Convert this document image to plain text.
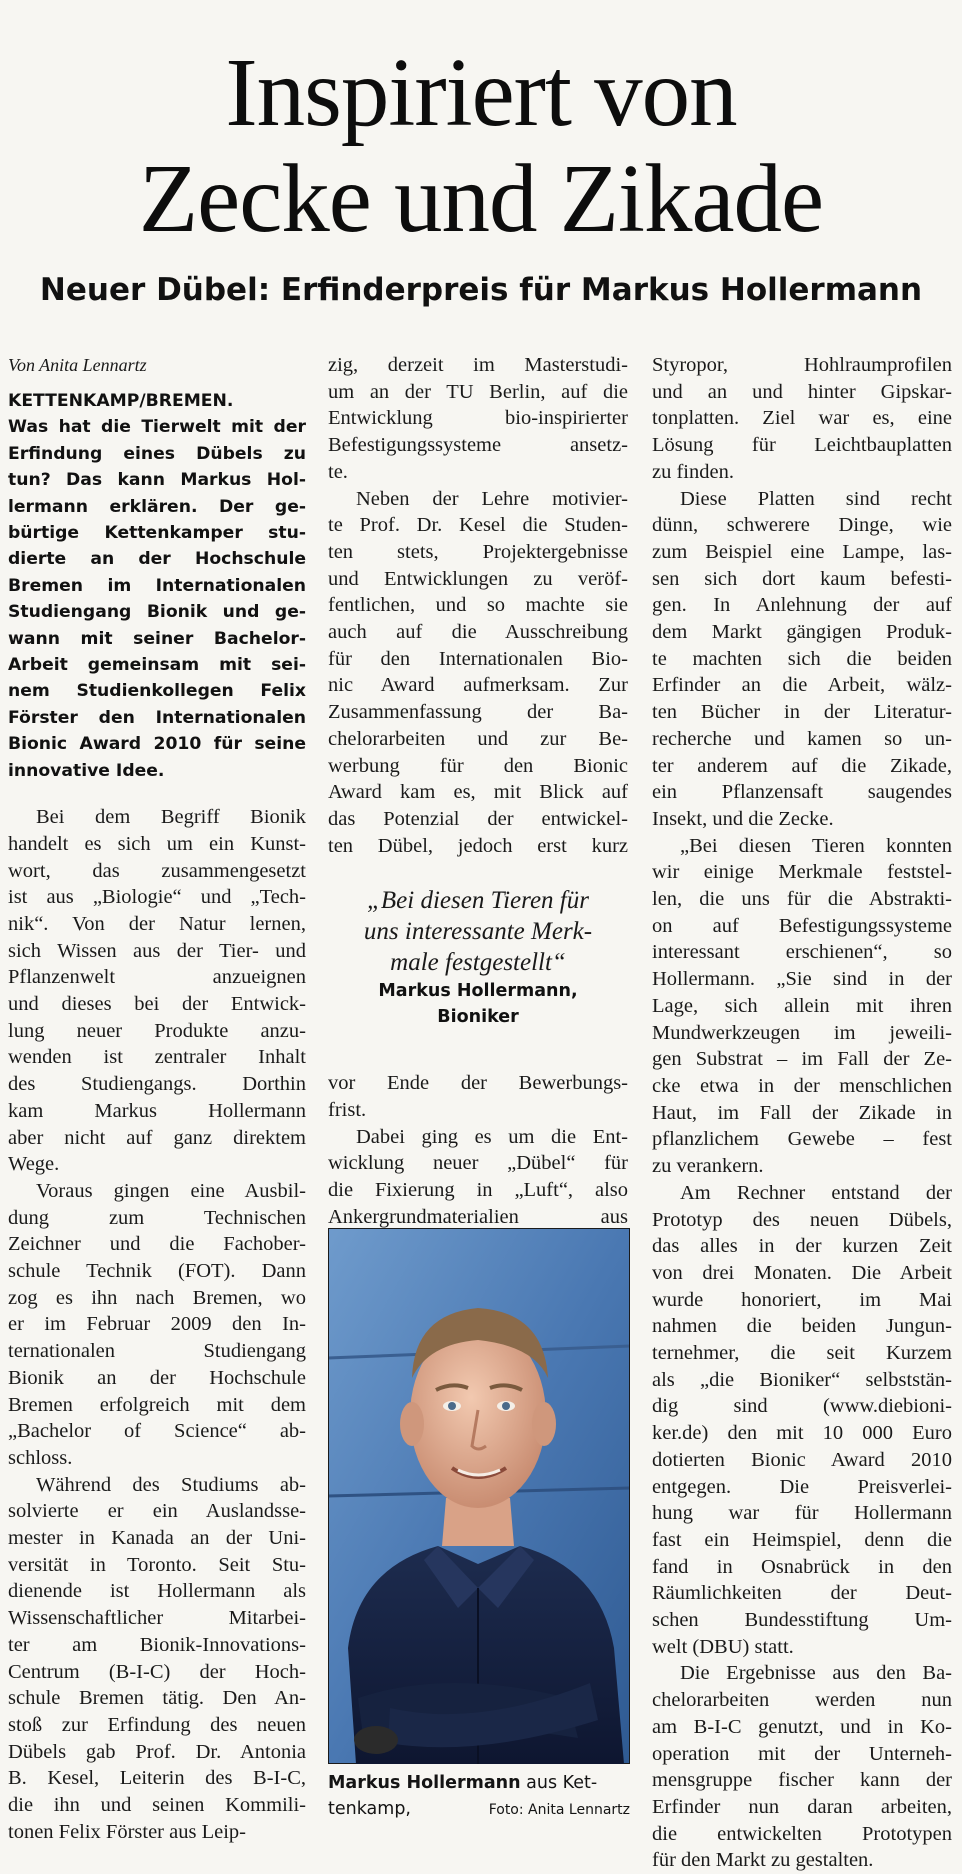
Inspiriert von
Zecke und Zikade
Neuer Dübel: Erfinderpreis für Markus Hollermann
Von Anita Lennartz
KETTENKAMP/BREMEN.
Was hat die Tierwelt mit der
Erfindung eines Dübels zu
tun? Das kann Markus Hol-
lermann erklären. Der ge-
bürtige Kettenkamper stu-
dierte an der Hochschule
Bremen im Internationalen
Studiengang Bionik und ge-
wann mit seiner Bachelor-
Arbeit gemeinsam mit sei-
nem Studienkollegen Felix
Förster den Internationalen
Bionic Award 2010 für seine
innovative Idee.
Bei dem Begriff Bionik
handelt es sich um ein Kunst-
wort, das zusammengesetzt
ist aus „Biologie“ und „Tech-
nik“. Von der Natur lernen,
sich Wissen aus der Tier- und
Pflanzenwelt anzueignen
und dieses bei der Entwick-
lung neuer Produkte anzu-
wenden ist zentraler Inhalt
des Studiengangs. Dorthin
kam Markus Hollermann
aber nicht auf ganz direktem
Wege.
Voraus gingen eine Ausbil-
dung zum Technischen
Zeichner und die Fachober-
schule Technik (FOT). Dann
zog es ihn nach Bremen, wo
er im Februar 2009 den In-
ternationalen Studiengang
Bionik an der Hochschule
Bremen erfolgreich mit dem
„Bachelor of Science“ ab-
schloss.
Während des Studiums ab-
solvierte er ein Auslandsse-
mester in Kanada an der Uni-
versität in Toronto. Seit Stu-
dienende ist Hollermann als
Wissenschaftlicher Mitarbei-
ter am Bionik-Innovations-
Centrum (B-I-C) der Hoch-
schule Bremen tätig. Den An-
stoß zur Erfindung des neuen
Dübels gab Prof. Dr. Antonia
B. Kesel, Leiterin des B-I-C,
die ihn und seinen Kommili-
tonen Felix Förster aus Leip-
zig, derzeit im Masterstudi-
um an der TU Berlin, auf die
Entwicklung bio-inspirierter
Befestigungssysteme ansetz-
te.
Neben der Lehre motivier-
te Prof. Dr. Kesel die Studen-
ten stets, Projektergebnisse
und Entwicklungen zu veröf-
fentlichen, und so machte sie
auch auf die Ausschreibung
für den Internationalen Bio-
nic Award aufmerksam. Zur
Zusammenfassung der Ba-
chelorarbeiten und zur Be-
werbung für den Bionic
Award kam es, mit Blick auf
das Potenzial der entwickel-
ten Dübel, jedoch erst kurz
„Bei diesen Tieren für
uns interessante Merk-
male festgestellt“
Markus Hollermann,
Bioniker
vor Ende der Bewerbungs-
frist.
Dabei ging es um die Ent-
wicklung neuer „Dübel“ für
die Fixierung in „Luft“, also
Ankergrundmaterialien aus
Markus Hollermann aus Ket-
tenkamp,	Foto: Anita Lennartz
Styropor, Hohlraumprofilen
und an und hinter Gipskar-
tonplatten. Ziel war es, eine
Lösung für Leichtbauplatten
zu finden.
Diese Platten sind recht
dünn, schwerere Dinge, wie
zum Beispiel eine Lampe, las-
sen sich dort kaum befesti-
gen. In Anlehnung der auf
dem Markt gängigen Produk-
te machten sich die beiden
Erfinder an die Arbeit, wälz-
ten Bücher in der Literatur-
recherche und kamen so un-
ter anderem auf die Zikade,
ein Pflanzensaft saugendes
Insekt, und die Zecke.
„Bei diesen Tieren konnten
wir einige Merkmale feststel-
len, die uns für die Abstrakti-
on auf Befestigungssysteme
interessant erschienen“, so
Hollermann. „Sie sind in der
Lage, sich allein mit ihren
Mundwerkzeugen im jeweili-
gen Substrat – im Fall der Ze-
cke etwa in der menschlichen
Haut, im Fall der Zikade in
pflanzlichem Gewebe – fest
zu verankern.
Am Rechner entstand der
Prototyp des neuen Dübels,
das alles in der kurzen Zeit
von drei Monaten. Die Arbeit
wurde honoriert, im Mai
nahmen die beiden Jungun-
ternehmer, die seit Kurzem
als „die Bioniker“ selbststän-
dig sind (www.diebioni-
ker.de) den mit 10 000 Euro
dotierten Bionic Award 2010
entgegen. Die Preisverlei-
hung war für Hollermann
fast ein Heimspiel, denn die
fand in Osnabrück in den
Räumlichkeiten der Deut-
schen Bundesstiftung Um-
welt (DBU) statt.
Die Ergebnisse aus den Ba-
chelorarbeiten werden nun
am B-I-C genutzt, und in Ko-
operation mit der Unterneh-
mensgruppe fischer kann der
Erfinder nun daran arbeiten,
die entwickelten Prototypen
für den Markt zu gestalten.
